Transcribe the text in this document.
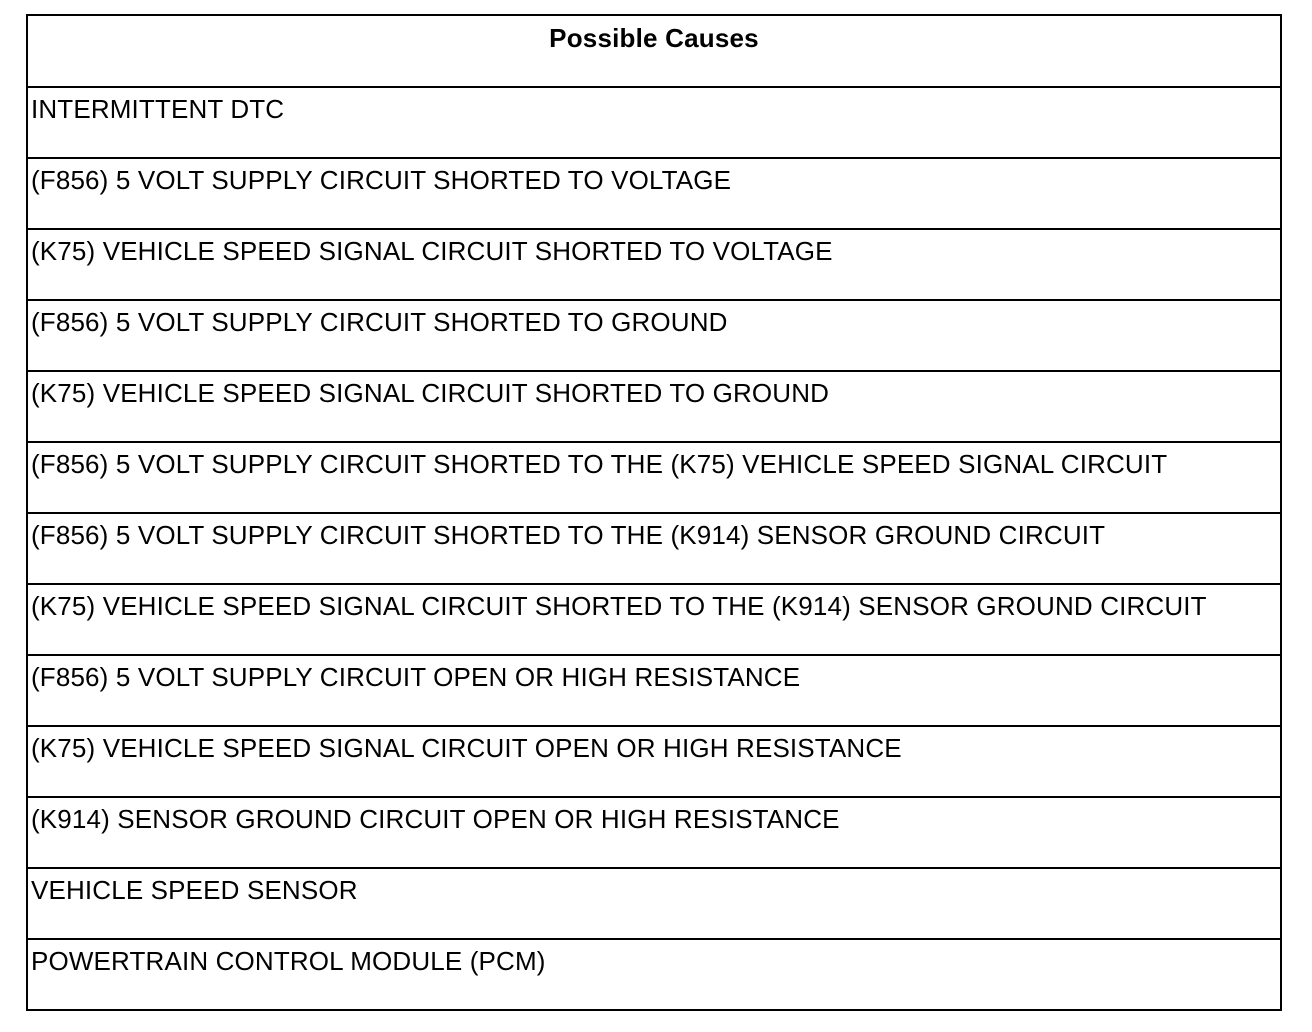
Possible Causes
INTERMITTENT DTC
(F856) 5 VOLT SUPPLY CIRCUIT SHORTED TO VOLTAGE
(K75) VEHICLE SPEED SIGNAL CIRCUIT SHORTED TO VOLTAGE
(F856) 5 VOLT SUPPLY CIRCUIT SHORTED TO GROUND
(K75) VEHICLE SPEED SIGNAL CIRCUIT SHORTED TO GROUND
(F856) 5 VOLT SUPPLY CIRCUIT SHORTED TO THE (K75) VEHICLE SPEED SIGNAL CIRCUIT
(F856) 5 VOLT SUPPLY CIRCUIT SHORTED TO THE (K914) SENSOR GROUND CIRCUIT
(K75) VEHICLE SPEED SIGNAL CIRCUIT SHORTED TO THE (K914) SENSOR GROUND CIRCUIT
(F856) 5 VOLT SUPPLY CIRCUIT OPEN OR HIGH RESISTANCE
(K75) VEHICLE SPEED SIGNAL CIRCUIT OPEN OR HIGH RESISTANCE
(K914) SENSOR GROUND CIRCUIT OPEN OR HIGH RESISTANCE
VEHICLE SPEED SENSOR
POWERTRAIN CONTROL MODULE (PCM)
